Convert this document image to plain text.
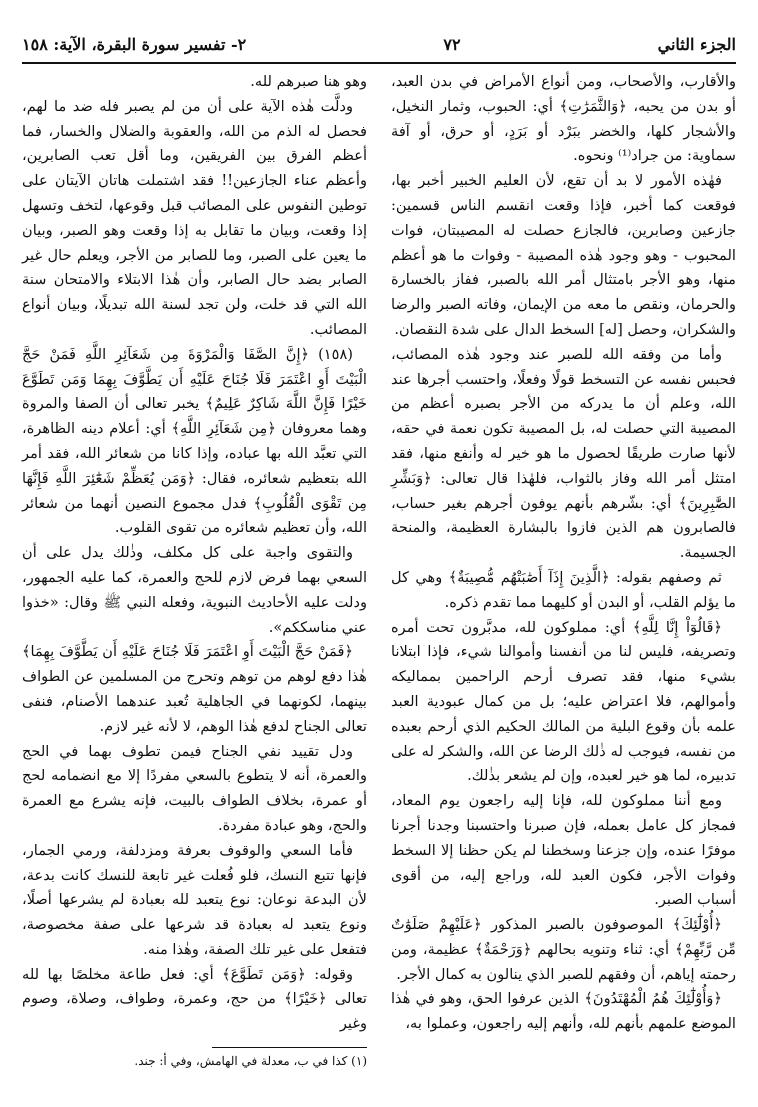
الجزء الثاني
٧٢
٢- تفسير سورة البقرة، الآية: ١٥٨

والأقارب، والأصحاب، ومن أنواع الأمراض في بدن العبد، أو بدن من يحبه، ﴿وَالثَّمَرَٰتِ﴾ أي: الحبوب، وثمار النخيل، والأشجار كلها، والخضر ببَرْد أو بَرَدٍ، أو حرق، أو آفة سماوية: من جراد⁽¹⁾ ونحوه.

فهٰذه الأمور لا بد أن تقع، لأن العليم الخبير أخبر بها، فوقعت كما أخبر، فإذا وقعت انقسم الناس قسمين: جازعين وصابرين، فالجازع حصلت له المصيبتان، فوات المحبوب - وهو وجود هٰذه المصيبة - وفوات ما هو أعظم منها، وهو الأجر بامتثال أمر الله بالصبر، ففاز بالخسارة والحرمان، ونقص ما معه من الإيمان، وفاته الصبر والرضا والشكران، وحصل [له] السخط الدال على شدة النقصان.

وأما من وفقه الله للصبر عند وجود هٰذه المصائب، فحبس نفسه عن التسخط قولًا وفعلًا، واحتسب أجرها عند الله، وعلم أن ما يدركه من الأجر بصبره أعظم من المصيبة التي حصلت له، بل المصيبة تكون نعمة في حقه، لأنها صارت طريقًا لحصول ما هو خير له وأنفع منها، فقد امتثل أمر الله وفاز بالثواب، فلهٰذا قال تعالى: ﴿وَبَشِّرِ الصَّٰبِرِينَ﴾ أي: بشّرهم بأنهم يوفون أجرهم بغير حساب، فالصابرون هم الذين فازوا بالبشارة العظيمة، والمنحة الجسيمة.

ثم وصفهم بقوله: ﴿الَّذِينَ إِذَآ أَصَٰبَتْهُم مُّصِيبَةٌ﴾ وهي كل ما يؤلم القلب، أو البدن أو كليهما مما تقدم ذكره.

﴿قَالُوٓاْ إِنَّا لِلَّهِ﴾ أي: مملوكون لله، مدبَّرون تحت أمره وتصريفه، فليس لنا من أنفسنا وأموالنا شيء، فإذا ابتلانا بشيء منها، فقد تصرف أرحم الراحمين بمماليكه وأموالهم، فلا اعتراض عليه؛ بل من كمال عبودية العبد علمه بأن وقوع البلية من المالك الحكيم الذي أرحم بعبده من نفسه، فيوجب له ذٰلك الرضا عن الله، والشكر له على تدبيره، لما هو خير لعبده، وإن لم يشعر بذٰلك.

ومع أننا مملوكون لله، فإنا إليه راجعون يوم المعاد، فمجاز كل عامل بعمله، فإن صبرنا واحتسبنا وجدنا أجرنا موفرًا عنده، وإن جزعنا وسخطنا لم يكن حظنا إلا السخط وفوات الأجر، فكون العبد لله، وراجع إليه، من أقوى أسباب الصبر.

﴿أُوْلَٰٓئِكَ﴾ الموصوفون بالصبر المذكور ﴿عَلَيْهِمْ صَلَوَٰتٌ مِّن رَّبِّهِمْ﴾ أي: ثناء وتنويه بحالهم ﴿وَرَحْمَةٌ﴾ عظيمة، ومن رحمته إياهم، أن وفقهم للصبر الذي ينالون به كمال الأجر.

﴿وَأُوْلَٰٓئِكَ هُمُ الْمُهْتَدُونَ﴾ الذين عرفوا الحق، وهو في هٰذا الموضع علمهم بأنهم لله، وأنهم إليه راجعون، وعملوا به،

وهو هنا صبرهم لله.

ودلَّت هٰذه الآية على أن من لم يصبر فله ضد ما لهم، فحصل له الذم من الله، والعقوبة والضلال والخسار، فما أعظم الفرق بين الفريقين، وما أقل تعب الصابرين، وأعظم عناء الجازعين!! فقد اشتملت هاتان الآيتان على توطين النفوس على المصائب قبل وقوعها، لتخف وتسهل إذا وقعت، وبيان ما تقابل به إذا وقعت وهو الصبر، وبيان ما يعين على الصبر، وما للصابر من الأجر، ويعلم حال غير الصابر بضد حال الصابر، وأن هٰذا الابتلاء والامتحان سنة الله التي قد خلت، ولن تجد لسنة الله تبديلًا، وبيان أنواع المصائب.

(١٥٨) ﴿إِنَّ الصَّفَا وَالْمَرْوَةَ مِن شَعَآئِرِ اللَّهِ فَمَنْ حَجَّ الْبَيْتَ أَوِ اعْتَمَرَ فَلَا جُنَاحَ عَلَيْهِ أَن يَطَّوَّفَ بِهِمَا وَمَن تَطَوَّعَ خَيْرًا فَإِنَّ اللَّهَ شَاكِرٌ عَلِيمٌ﴾ يخبر تعالى أن الصفا والمروة وهما معروفان ﴿مِن شَعَآئِرِ اللَّهِ﴾ أي: أعلام دينه الظاهرة، التي تعبَّد الله بها عباده، وإذا كانا من شعائر الله، فقد أمر الله بتعظيم شعائره، فقال: ﴿وَمَن يُعَظِّمْ شَعَٰٓئِرَ اللَّهِ فَإِنَّهَا مِن تَقْوَى الْقُلُوبِ﴾ فدل مجموع النصين أنهما من شعائر الله، وأن تعظيم شعائره من تقوى القلوب.

والتقوى واجبة على كل مكلف، وذٰلك يدل على أن السعي بهما فرض لازم للحج والعمرة، كما عليه الجمهور، ودلت عليه الأحاديث النبوية، وفعله النبي ﷺ وقال: «خذوا عني مناسككم».

﴿فَمَنْ حَجَّ الْبَيْتَ أَوِ اعْتَمَرَ فَلَا جُنَاحَ عَلَيْهِ أَن يَطَّوَّفَ بِهِمَا﴾ هٰذا دفع لوهم من توهم وتحرج من المسلمين عن الطواف بينهما، لكونهما في الجاهلية تُعبد عندهما الأصنام، فنفى تعالى الجناح لدفع هٰذا الوهم، لا لأنه غير لازم.

ودل تقييد نفي الجناح فيمن تطوف بهما في الحج والعمرة، أنه لا يتطوع بالسعي مفردًا إلا مع انضمامه لحج أو عمرة، بخلاف الطواف بالبيت، فإنه يشرع مع العمرة والحج، وهو عبادة مفردة.

فأما السعي والوقوف بعرفة ومزدلفة، ورمي الجمار، فإنها تتبع النسك، فلو فُعلت غير تابعة للنسك كانت بدعة، لأن البدعة نوعان: نوع يتعبد لله بعبادة لم يشرعها أصلًا، ونوع يتعبد له بعبادة قد شرعها على صفة مخصوصة، فتفعل على غير تلك الصفة، وهٰذا منه.

وقوله: ﴿وَمَن تَطَوَّعَ﴾ أي: فعل طاعة مخلصًا بها لله تعالى ﴿خَيْرًا﴾ من حج، وعمرة، وطواف، وصلاة، وصوم وغير

(١) كذا في ب، معدلة في الهامش، وفي أ: جند.
